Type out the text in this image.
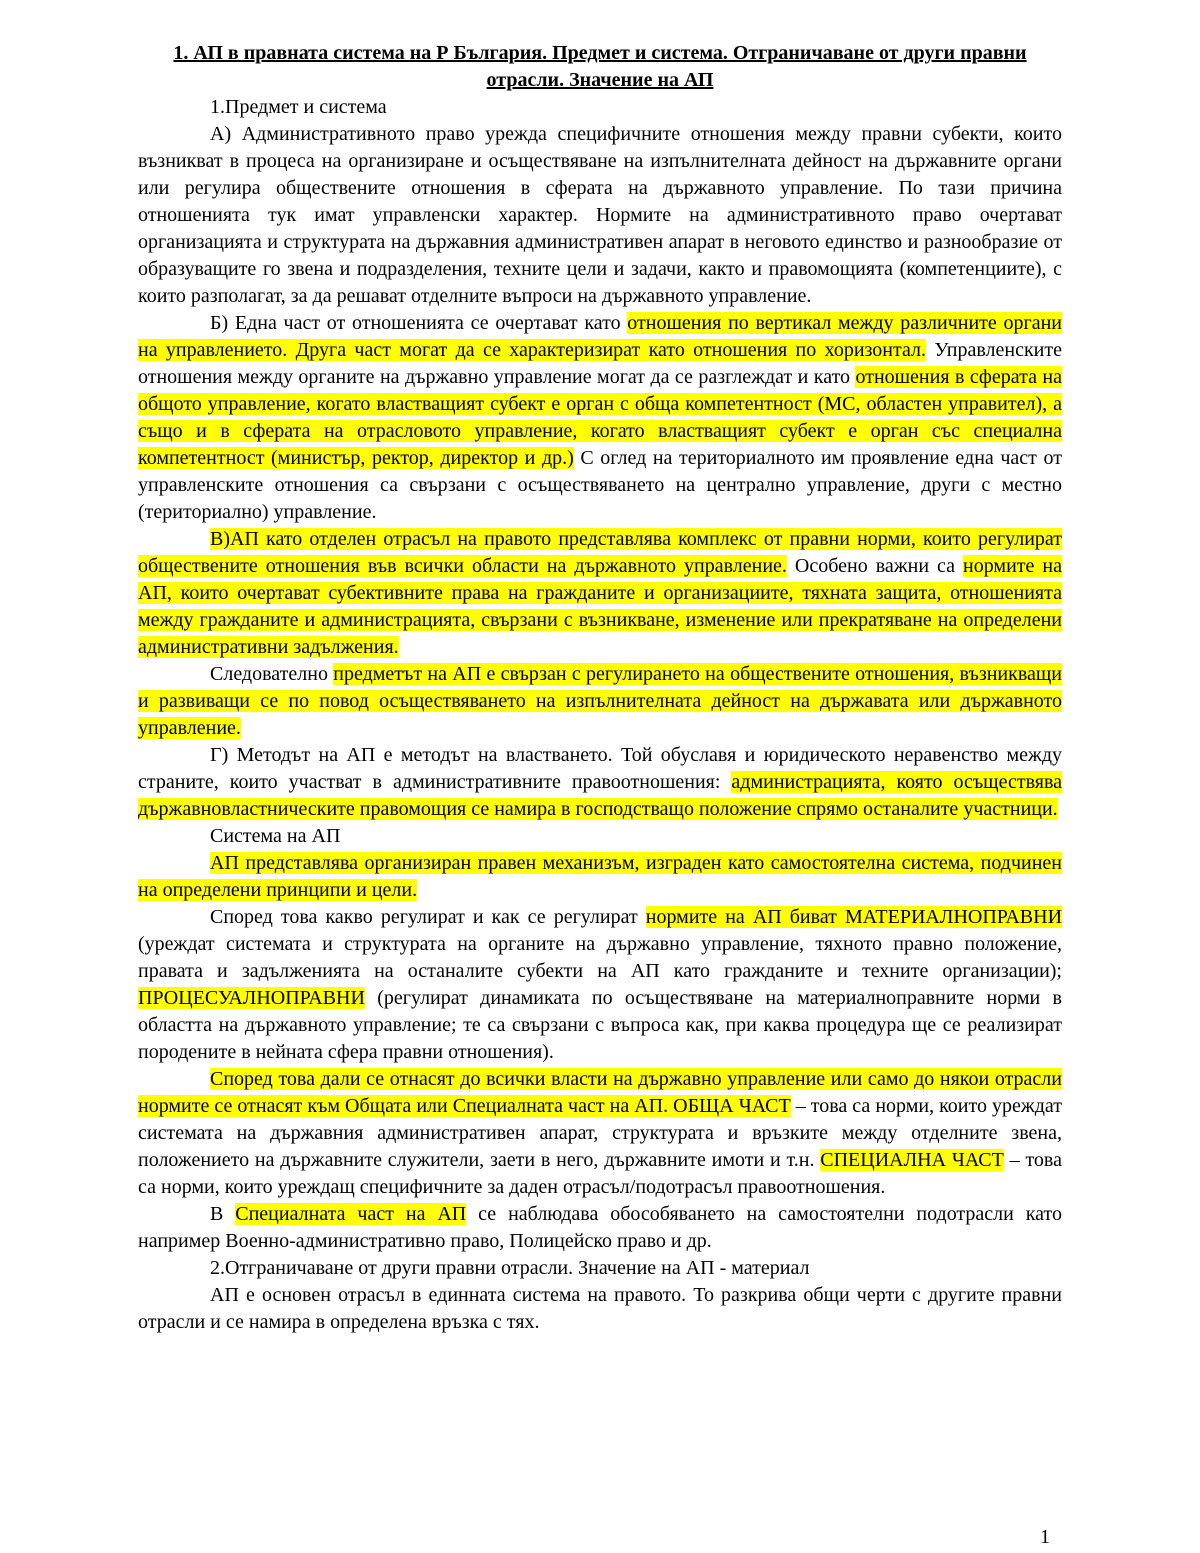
1. АП в правната система на Р България. Предмет и система. Отграничаване от други правни отрасли. Значение на АП

1.Предмет и система

А) Административното право урежда специфичните отношения между правни субекти, които възникват в процеса на организиране и осъществяване на изпълнителната дейност на държавните органи или регулира обществените отношения в сферата на държавното управление. По тази причина отношенията тук имат управленски характер. Нормите на административното право очертават организацията и структурата на държавния административен апарат в неговото единство и разнообразие от образуващите го звена и подразделения, техните цели и задачи, както и правомощията (компетенциите), с които разполагат, за да решават отделните въпроси на държавното управление.

Б) Една част от отношенията се очертават като отношения по вертикал между различните органи на управлението. Друга част могат да се характеризират като отношения по хоризонтал. Управленските отношения между органите на държавно управление могат да се разглеждат и като отношения в сферата на общото управление, когато властващият субект е орган с обща компетентност (МС, областен управител), а също и в сферата на отрасловото управление, когато властващият субект е орган със специална компетентност (министър, ректор, директор и др.) С оглед на териториалното им проявление една част от управленските отношения са свързани с осъществяването на централно управление, други с местно (териториално) управление.

В)АП като отделен отрасъл на правото представлява комплекс от правни норми, които регулират обществените отношения във всички области на държавното управление. Особено важни са нормите на АП, които очертават субективните права на гражданите и организациите, тяхната защита, отношенията между гражданите и администрацията, свързани с възникване, изменение или прекратяване на определени административни задължения.

Следователно предметът на АП е свързан с регулирането на обществените отношения, възникващи и развиващи се по повод осъществяването на изпълнителната дейност на държавата или държавното управление.

Г) Методът на АП е методът на властването. Той обуславя и юридическото неравенство между страните, които участват в административните правоотношения: администрацията, която осъществява държавновластническите правомощия се намира в господстващо положение спрямо останалите участници.

Система на АП

АП представлява организиран правен механизъм, изграден като самостоятелна система, подчинен на определени принципи и цели.

Според това какво регулират и как се регулират нормите на АП биват МАТЕРИАЛНОПРАВНИ (уреждат системата и структурата на органите на държавно управление, тяхното правно положение, правата и задълженията на останалите субекти на АП като гражданите и техните организации); ПРОЦЕСУАЛНОПРАВНИ (регулират динамиката по осъществяване на материалноправните норми в областта на държавното управление; те са свързани с въпроса как, при каква процедура ще се реализират породените в нейната сфера правни отношения).

Според това дали се отнасят до всички власти на държавно управление или само до някои отрасли нормите се отнасят към Общата или Специалната част на АП. ОБЩА ЧАСТ – това са норми, които уреждат системата на държавния административен апарат, структурата и връзките между отделните звена, положението на държавните служители, заети в него, държавните имоти и т.н. СПЕЦИАЛНА ЧАСТ – това са норми, които уреждащ специфичните за даден отрасъл/подотрасъл правоотношения.

В Специалната част на АП се наблюдава обособяването на самостоятелни подотрасли като например Военно-административно право, Полицейско право и др.

2.Отграничаване от други правни отрасли. Значение на АП - материал

АП е основен отрасъл в единната система на правото. То разкрива общи черти с другите правни отрасли и се намира в определена връзка с тях.

1
